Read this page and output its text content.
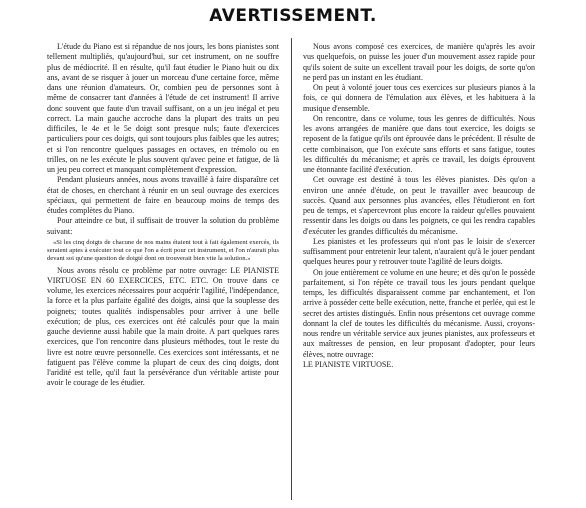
AVERTISSEMENT.

L'étude du Piano est si répandue de nos jours, les bons pianistes sont tellement multipliés, qu'aujourd'hui, sur cet instrument, on ne souffre plus de médiocrité. Il en résulte, qu'il faut étudier le Piano huit ou dix ans, avant de se risquer à jouer un morceau d'une certaine force, même dans une réunion d'amateurs. Or, combien peu de personnes sont à même de consacrer tant d'années à l'étude de cet instrument! Il arrive donc souvent que faute d'un travail suffisant, on a un jeu inégal et peu correct. La main gauche accroche dans la plupart des traits un peu difficiles, le 4e et le 5e doigt sont presque nuls; faute d'exercices particuliers pour ces doigts, qui sont toujours plus faibles que les autres; et si l'on rencontre quelques passages en octaves, en trémolo ou en trilles, on ne les exécute le plus souvent qu'avec peine et fatigue, de là un jeu peu correct et manquant complètement d'expression.

Pendant plusieurs années, nous avons travaillé à faire disparaître cet état de choses, en cherchant à réunir en un seul ouvrage des exercices spéciaux, qui permettent de faire en beaucoup moins de temps des études complètes du Piano.

Pour atteindre ce but, il suffisait de trouver la solution du problème suivant:

«Si les cinq doigts de chacune de nos mains étaient tout à fait également exercés, ils seraient aptes à exécuter tout ce que l'on a écrit pour cet instrument, et l'on n'aurait plus devant soi qu'une question de doigté dont on trouverait bien vite la solution.»

Nous avons résolu ce problème par notre ouvrage: LE PIANISTE VIRTUOSE EN 60 EXERCICES, ETC. ETC. On trouve dans ce volume, les exercices nécessaires pour acquérir l'agilité, l'indépendance, la force et la plus parfaite égalité des doigts, ainsi que la souplesse des poignets; toutes qualités indispensables pour arriver à une belle exécution; de plus, ces exercices ont été calculés pour que la main gauche devienne aussi habile que la main droite. A part quelques rares exercices, que l'on rencontre dans plusieurs méthodes, tout le reste du livre est notre œuvre personnelle. Ces exercices sont intéressants, et ne fatiguent pas l'élève comme la plupart de ceux des cinq doigts, dont l'aridité est telle, qu'il faut la persévérance d'un véritable artiste pour avoir le courage de les étudier.

Nous avons composé ces exercices, de manière qu'après les avoir vus quelquefois, on puisse les jouer d'un mouvement assez rapide pour qu'ils soient de suite un excellent travail pour les doigts, de sorte qu'on ne perd pas un instant en les étudiant.

On peut à volonté jouer tous ces exercices sur plusieurs pianos à la fois, ce qui donnera de l'émulation aux élèves, et les habituera à la musique d'ensemble.

On rencontre, dans ce volume, tous les genres de difficultés. Nous les avons arrangées de manière que dans tout exercice, les doigts se reposent de la fatigue qu'ils ont éprouvée dans le précédent. Il résulte de cette combinaison, que l'on exécute sans efforts et sans fatigue, toutes les difficultés du mécanisme; et après ce travail, les doigts éprouvent une étonnante facilité d'exécution.

Cet ouvrage est destiné à tous les élèves pianistes. Dès qu'on a environ une année d'étude, on peut le travailler avec beaucoup de succès. Quand aux personnes plus avancées, elles l'étudieront en fort peu de temps, et s'apercevront plus encore la raideur qu'elles pouvaient ressentir dans les doigts ou dans les poignets, ce qui les rendra capables d'exécuter les grandes difficultés du mécanisme.

Les pianistes et les professeurs qui n'ont pas le loisir de s'exercer suffisamment pour entretenir leur talent, n'auraient qu'à le jouer pendant quelques heures pour y retrouver toute l'agilité de leurs doigts.

On joue entièrement ce volume en une heure; et dès qu'on le possède parfaitement, si l'on répète ce travail tous les jours pendant quelque temps, les difficultés disparaissent comme par enchantement, et l'on arrive à posséder cette belle exécution, nette, franche et perlée, qui est le secret des artistes distingués. Enfin nous présentons cet ouvrage comme donnant la clef de toutes les difficultés du mécanisme. Aussi, croyons-nous rendre un véritable service aux jeunes pianistes, aux professeurs et aux maîtresses de pension, en leur proposant d'adopter, pour leurs élèves, notre ouvrage:

LE PIANISTE VIRTUOSE.
